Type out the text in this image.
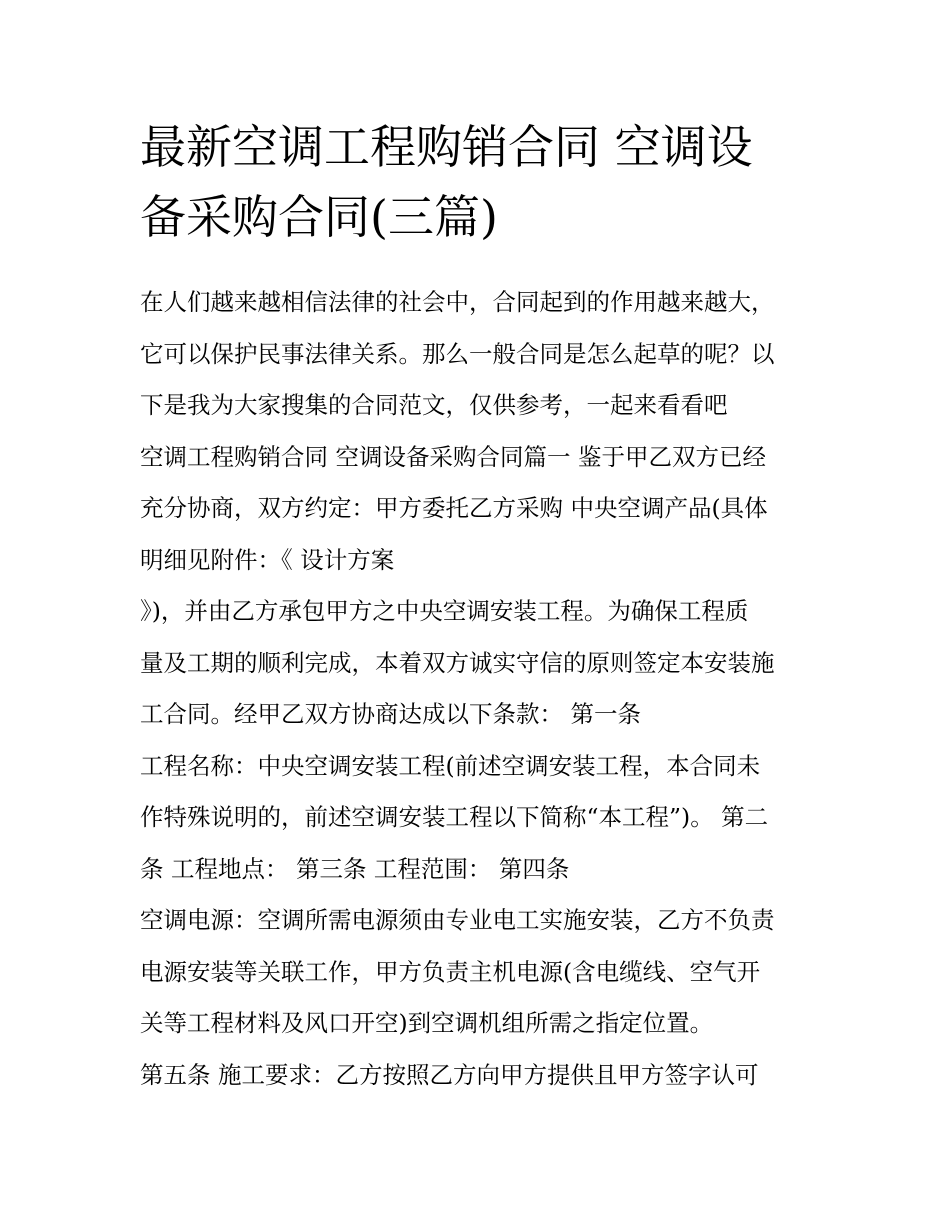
最新空调工程购销合同 空调设
备采购合同(三篇)
在人们越来越相信法律的社会中，合同起到的作用越来越大，
它可以保护民事法律关系。那么一般合同是怎么起草的呢？以
下是我为大家搜集的合同范文，仅供参考，一起来看看吧
空调工程购销合同 空调设备采购合同篇一 鉴于甲乙双方已经
充分协商，双方约定：甲方委托乙方采购 中央空调产品(具体
明细见附件：《 设计方案
》)，并由乙方承包甲方之中央空调安装工程。为确保工程质
量及工期的顺利完成，本着双方诚实守信的原则签定本安装施
工合同。经甲乙双方协商达成以下条款： 第一条
工程名称：中央空调安装工程(前述空调安装工程，本合同未
作特殊说明的，前述空调安装工程以下简称“本工程”)。 第二
条 工程地点： 第三条 工程范围： 第四条
空调电源：空调所需电源须由专业电工实施安装，乙方不负责
电源安装等关联工作，甲方负责主机电源(含电缆线、空气开
关等工程材料及风口开空)到空调机组所需之指定位置。
第五条 施工要求：乙方按照乙方向甲方提供且甲方签字认可
